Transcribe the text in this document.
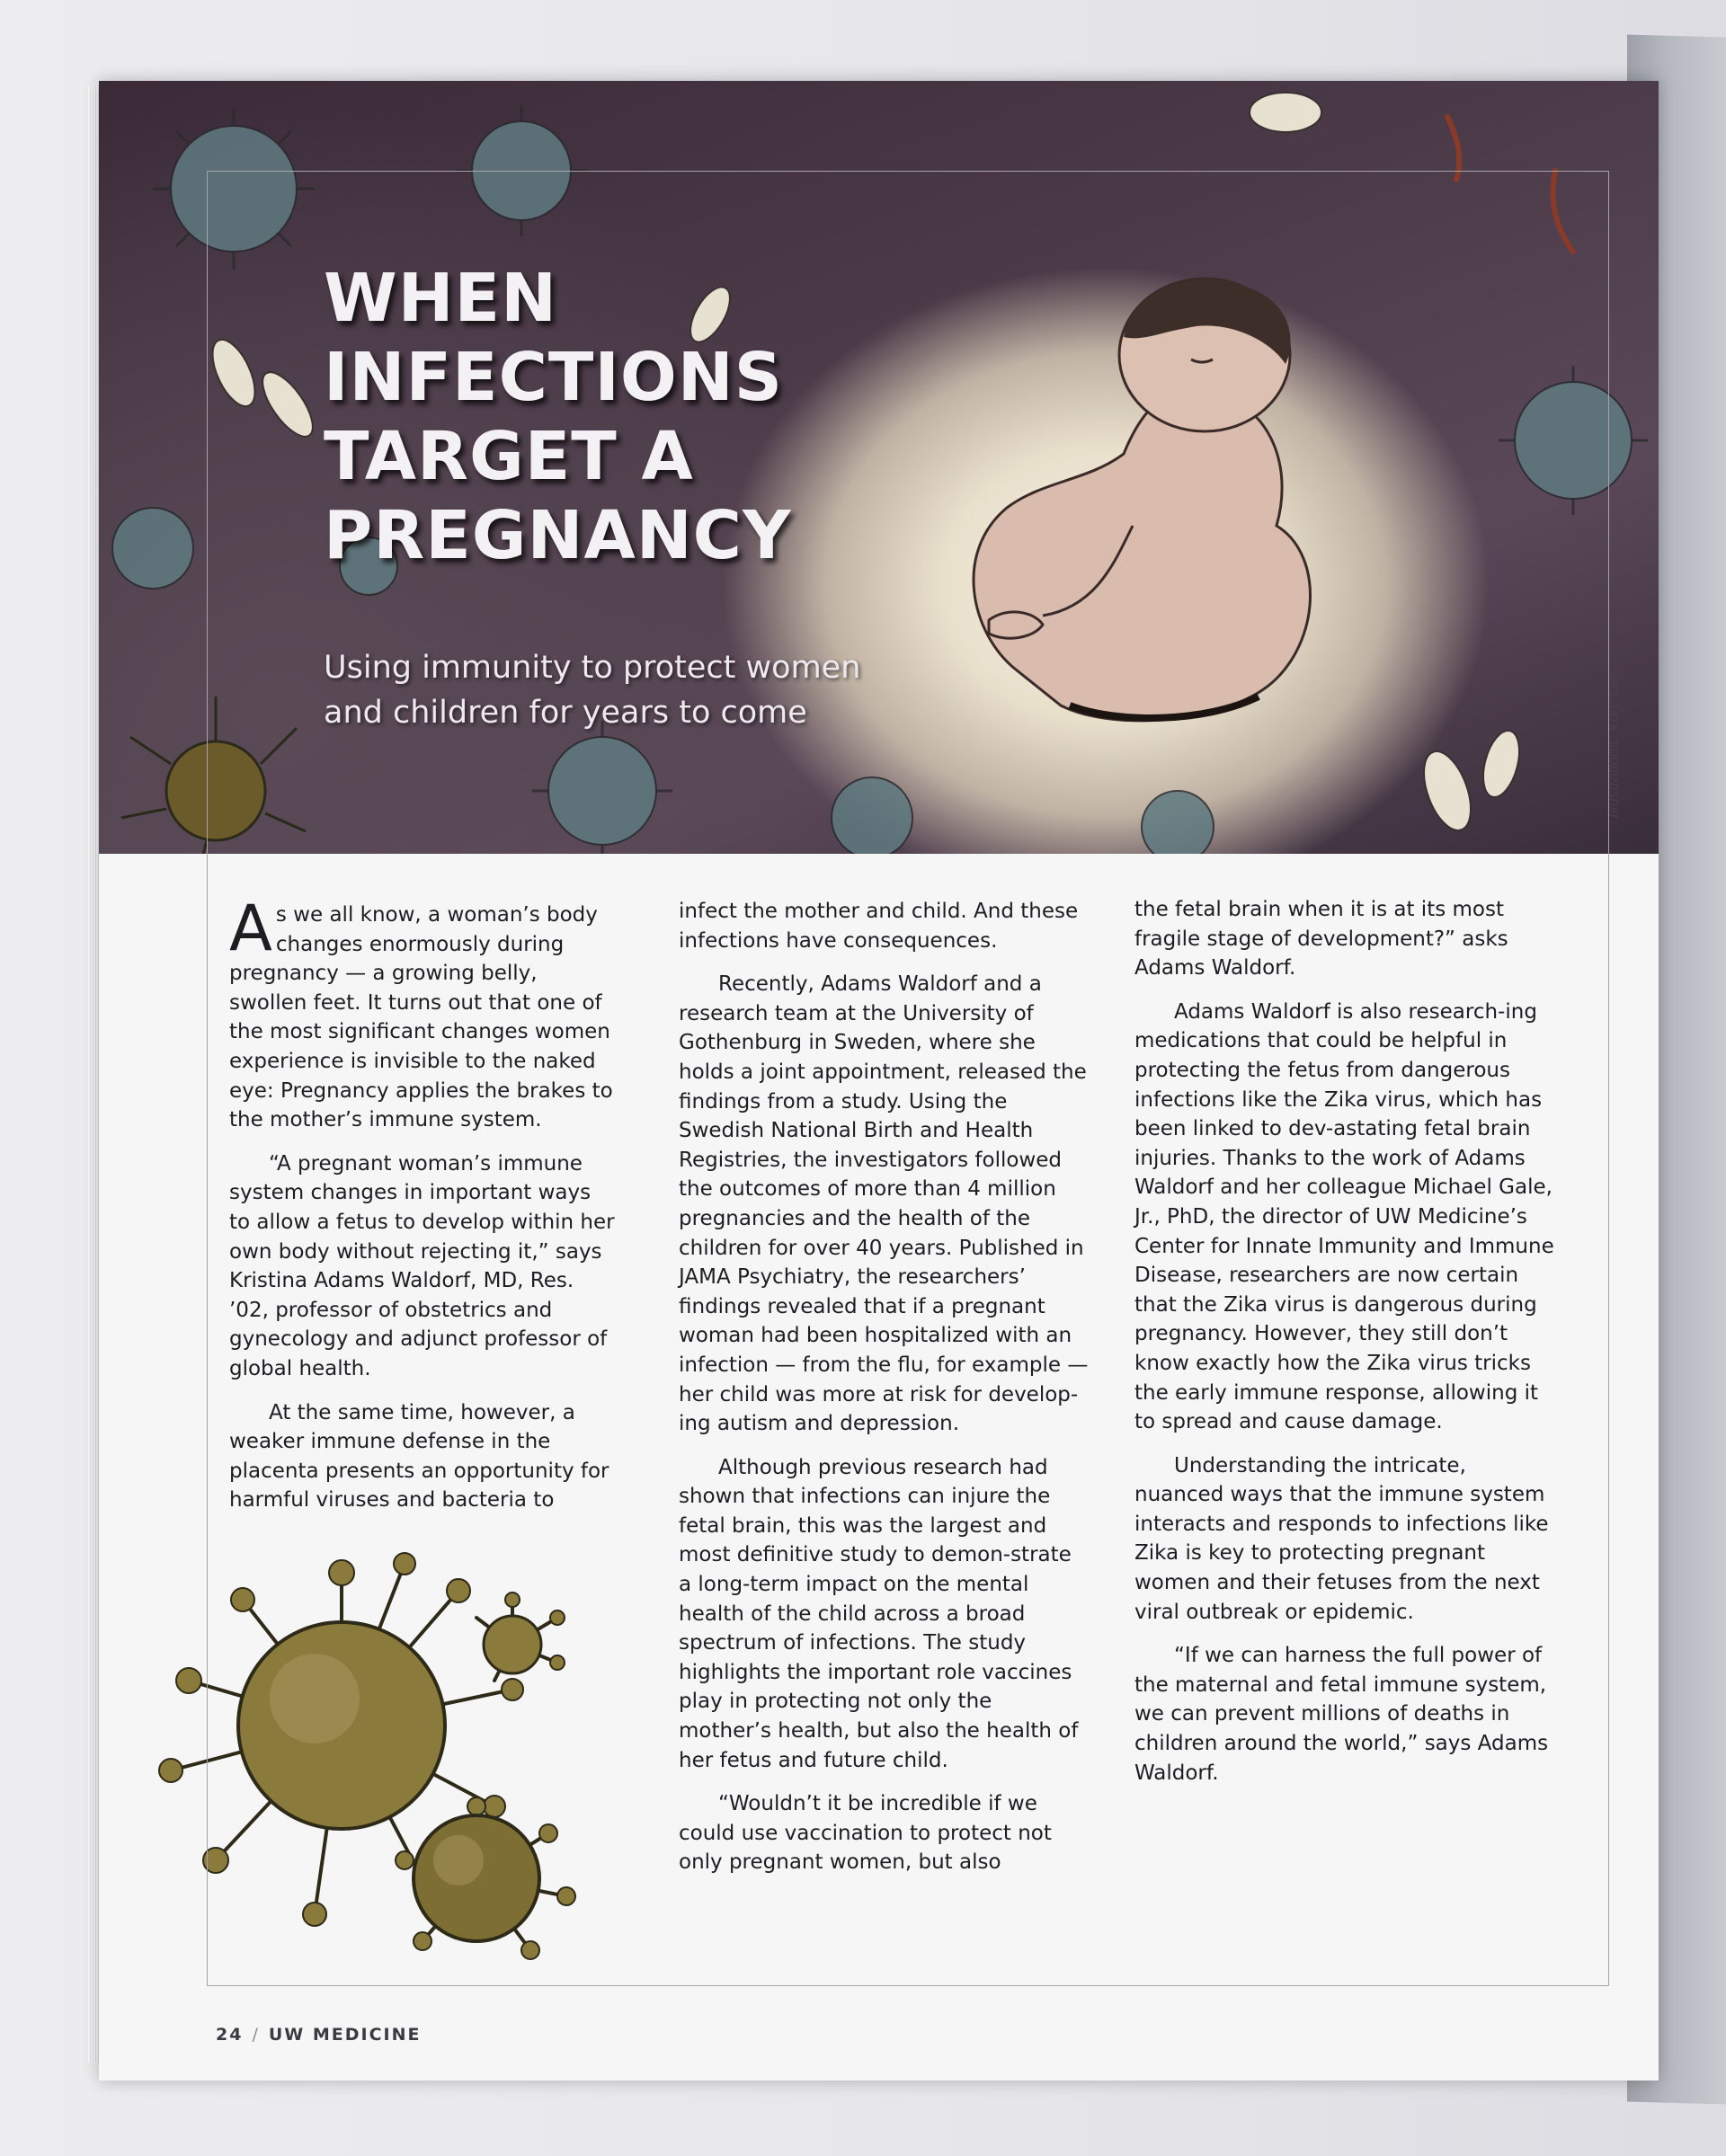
WHEN
INFECTIONS
TARGET A
PREGNANCY

Using immunity to protect women and children for years to come	Illustrations: Kory Lee

As we all know, a woman’s body changes enormously during pregnancy — a growing belly, swollen feet. It turns out that one of the most significant changes women experience is invisible to the naked eye: Pregnancy applies the brakes to the mother’s immune system.

“A pregnant woman’s immune system changes in important ways to allow a fetus to develop within her own body without rejecting it,” says Kristina Adams Waldorf, MD, Res. ’02, professor of obstetrics and gynecology and adjunct professor of global health.

At the same time, however, a weaker immune defense in the placenta presents an opportunity for harmful viruses and bacteria to

infect the mother and child. And these infections have consequences.

Recently, Adams Waldorf and a research team at the University of Gothenburg in Sweden, where she holds a joint appointment, released the findings from a study. Using the Swedish National Birth and Health Registries, the investigators followed the outcomes of more than 4 million pregnancies and the health of the children for over 40 years. Published in JAMA Psychiatry, the researchers’ findings revealed that if a pregnant woman had been hospitalized with an infection — from the flu, for example — her child was more at risk for develop-ing autism and depression.

Although previous research had shown that infections can injure the fetal brain, this was the largest and most definitive study to demon-strate a long-term impact on the mental health of the child across a broad spectrum of infections. The study highlights the important role vaccines play in protecting not only the mother’s health, but also the health of her fetus and future child.

“Wouldn’t it be incredible if we could use vaccination to protect not only pregnant women, but also

the fetal brain when it is at its most fragile stage of development?” asks Adams Waldorf.

Adams Waldorf is also research-ing medications that could be helpful in protecting the fetus from dangerous infections like the Zika virus, which has been linked to dev-astating fetal brain injuries. Thanks to the work of Adams Waldorf and her colleague Michael Gale, Jr., PhD, the director of UW Medicine’s Center for Innate Immunity and Immune Disease, researchers are now certain that the Zika virus is dangerous during pregnancy. However, they still don’t know exactly how the Zika virus tricks the early immune response, allowing it to spread and cause damage.

Understanding the intricate, nuanced ways that the immune system interacts and responds to infections like Zika is key to protecting pregnant women and their fetuses from the next viral outbreak or epidemic.

“If we can harness the full power of the maternal and fetal immune system, we can prevent millions of deaths in children around the world,” says Adams Waldorf.

24 / UW MEDICINE
